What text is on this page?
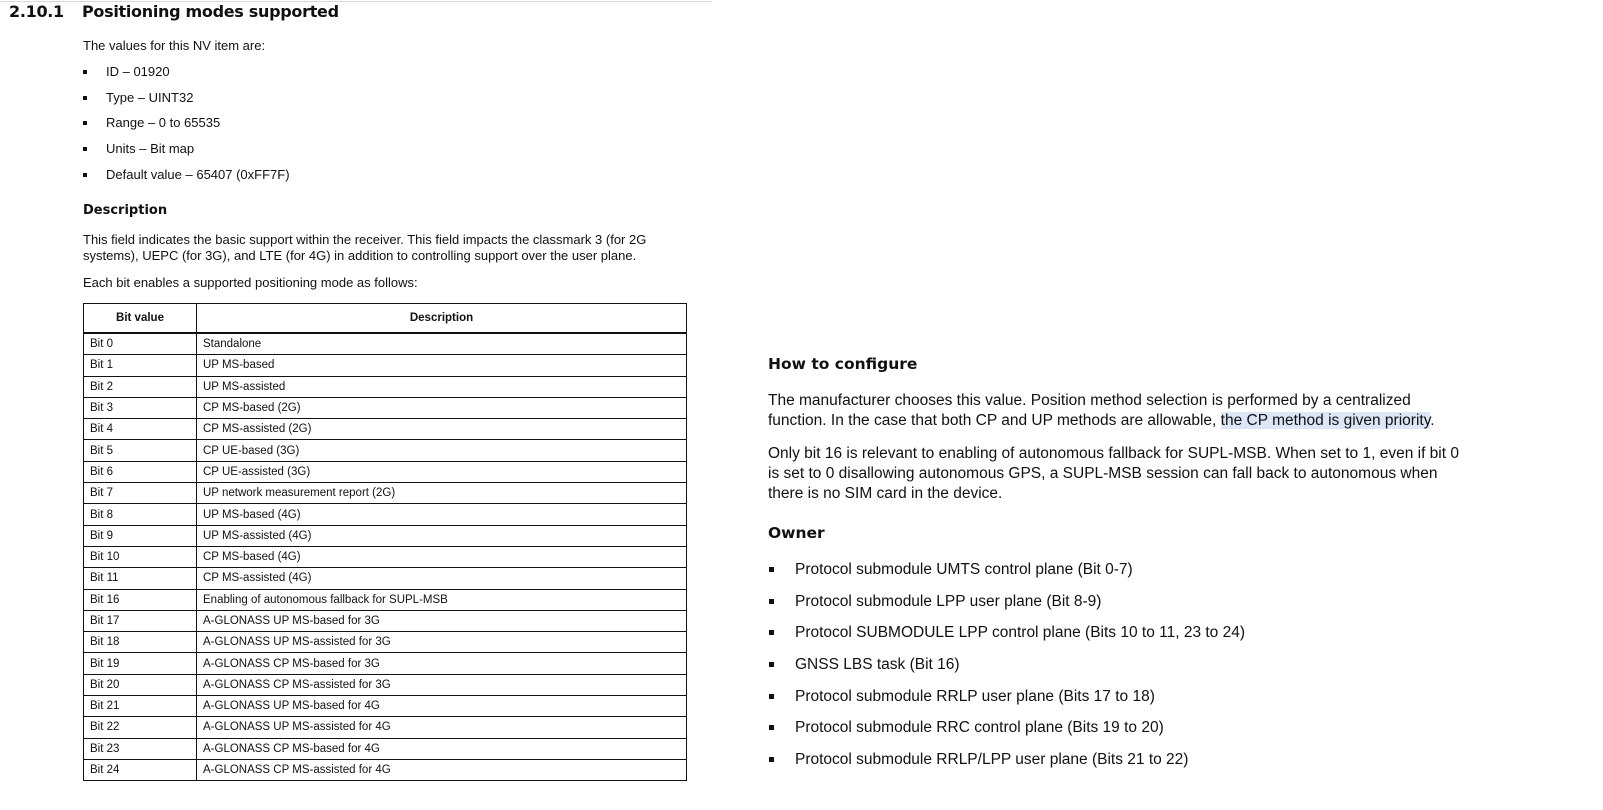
2.10.1 Positioning modes supported
The values for this NV item are:
ID – 01920
Type – UINT32
Range – 0 to 65535
Units – Bit map
Default value – 65407 (0xFF7F)
Description

This field indicates the basic support within the receiver. This field impacts the classmark 3 (for 2G systems), UEPC (for 3G), and LTE (for 4G) in addition to controlling support over the user plane.

Each bit enables a supported positioning mode as follows:
Bit value	Description
Bit 0	Standalone
Bit 1	UP MS-based
Bit 2	UP MS-assisted
Bit 3	CP MS-based (2G)
Bit 4	CP MS-assisted (2G)
Bit 5	CP UE-based (3G)
Bit 6	CP UE-assisted (3G)
Bit 7	UP network measurement report (2G)
Bit 8	UP MS-based (4G)
Bit 9	UP MS-assisted (4G)
Bit 10	CP MS-based (4G)
Bit 11	CP MS-assisted (4G)
Bit 16	Enabling of autonomous fallback for SUPL-MSB
Bit 17	A-GLONASS UP MS-based for 3G
Bit 18	A-GLONASS UP MS-assisted for 3G
Bit 19	A-GLONASS CP MS-based for 3G
Bit 20	A-GLONASS CP MS-assisted for 3G
Bit 21	A-GLONASS UP MS-based for 4G
Bit 22	A-GLONASS UP MS-assisted for 4G
Bit 23	A-GLONASS CP MS-based for 4G
Bit 24	A-GLONASS CP MS-assisted for 4G
How to configure

The manufacturer chooses this value. Position method selection is performed by a centralized function. In the case that both CP and UP methods are allowable, the CP method is given priority.

Only bit 16 is relevant to enabling of autonomous fallback for SUPL-MSB. When set to 1, even if bit 0 is set to 0 disallowing autonomous GPS, a SUPL-MSB session can fall back to autonomous when there is no SIM card in the device.

Owner
Protocol submodule UMTS control plane (Bit 0-7)
Protocol submodule LPP user plane (Bit 8-9)
Protocol SUBMODULE LPP control plane (Bits 10 to 11, 23 to 24)
GNSS LBS task (Bit 16)
Protocol submodule RRLP user plane (Bits 17 to 18)
Protocol submodule RRC control plane (Bits 19 to 20)
Protocol submodule RRLP/LPP user plane (Bits 21 to 22)
